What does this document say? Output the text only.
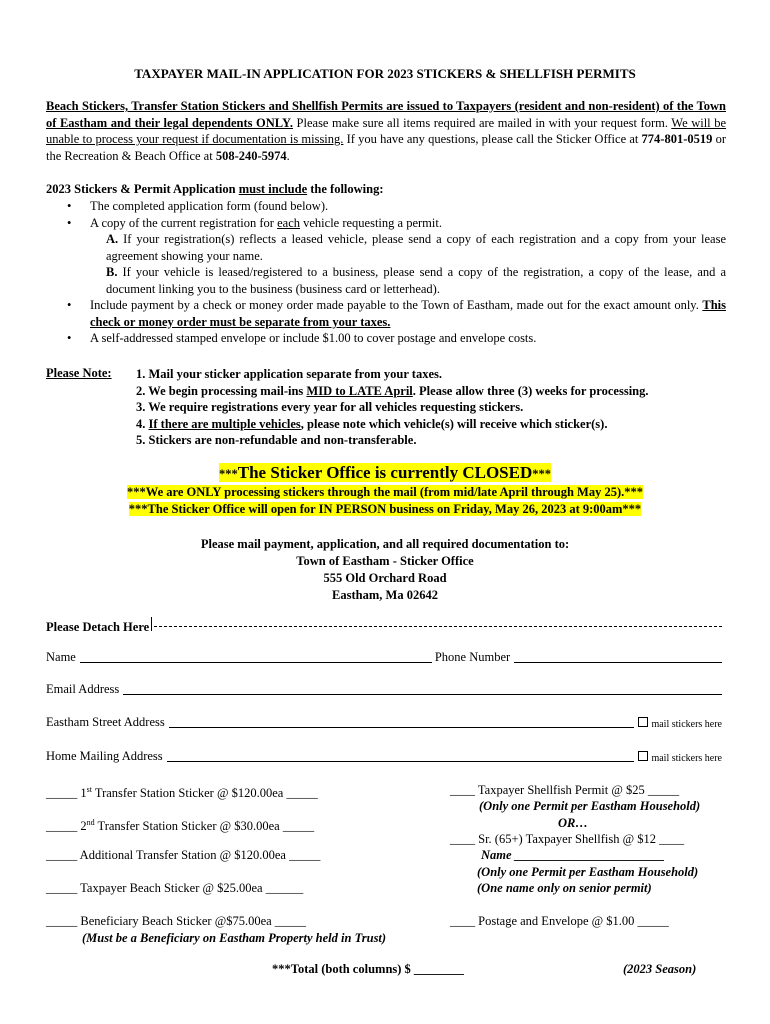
TAXPAYER MAIL-IN APPLICATION FOR 2023 STICKERS & SHELLFISH PERMITS
Beach Stickers, Transfer Station Stickers and Shellfish Permits are issued to Taxpayers (resident and non-resident) of the Town of Eastham and their legal dependents ONLY. Please make sure all items required are mailed in with your request form. We will be unable to process your request if documentation is missing. If you have any questions, please call the Sticker Office at 774-801-0519 or the Recreation & Beach Office at 508-240-5974.
2023 Stickers & Permit Application must include the following:
• The completed application form (found below).
• A copy of the current registration for each vehicle requesting a permit.
A. If your registration(s) reflects a leased vehicle, please send a copy of each registration and a copy from your lease agreement showing your name.
B. If your vehicle is leased/registered to a business, please send a copy of the registration, a copy of the lease, and a document linking you to the business (business card or letterhead).
• Include payment by a check or money order made payable to the Town of Eastham, made out for the exact amount only. This check or money order must be separate from your taxes.
• A self-addressed stamped envelope or include $1.00 to cover postage and envelope costs.
Please Note: 1. Mail your sticker application separate from your taxes.
2. We begin processing mail-ins MID to LATE April. Please allow three (3) weeks for processing.
3. We require registrations every year for all vehicles requesting stickers.
4. If there are multiple vehicles, please note which vehicle(s) will receive which sticker(s).
5. Stickers are non-refundable and non-transferable.
***The Sticker Office is currently CLOSED***
***We are ONLY processing stickers through the mail (from mid/late April through May 25).***
***The Sticker Office will open for IN PERSON business on Friday, May 26, 2023 at 9:00am***
Please mail payment, application, and all required documentation to:
Town of Eastham - Sticker Office
555 Old Orchard Road
Eastham, Ma 02642
Please Detach Here
Name	Phone Number
Email Address
Eastham Street Address	mail stickers here
Home Mailing Address	mail stickers here
_____ 1st Transfer Station Sticker @ $120.00ea _____
_____ 2nd Transfer Station Sticker @ $30.00ea _____
_____ Additional Transfer Station @ $120.00ea _____
_____ Taxpayer Beach Sticker @ $25.00ea ______
_____ Beneficiary Beach Sticker @$75.00ea _____
(Must be a Beneficiary on Eastham Property held in Trust)
____ Taxpayer Shellfish Permit @ $25 _____
(Only one Permit per Eastham Household)
OR…
____ Sr. (65+) Taxpayer Shellfish @ $12 ____
Name ________________________
(Only one Permit per Eastham Household)
(One name only on senior permit)
____ Postage and Envelope @ $1.00 _____
***Total (both columns) $ ________	(2023 Season)
